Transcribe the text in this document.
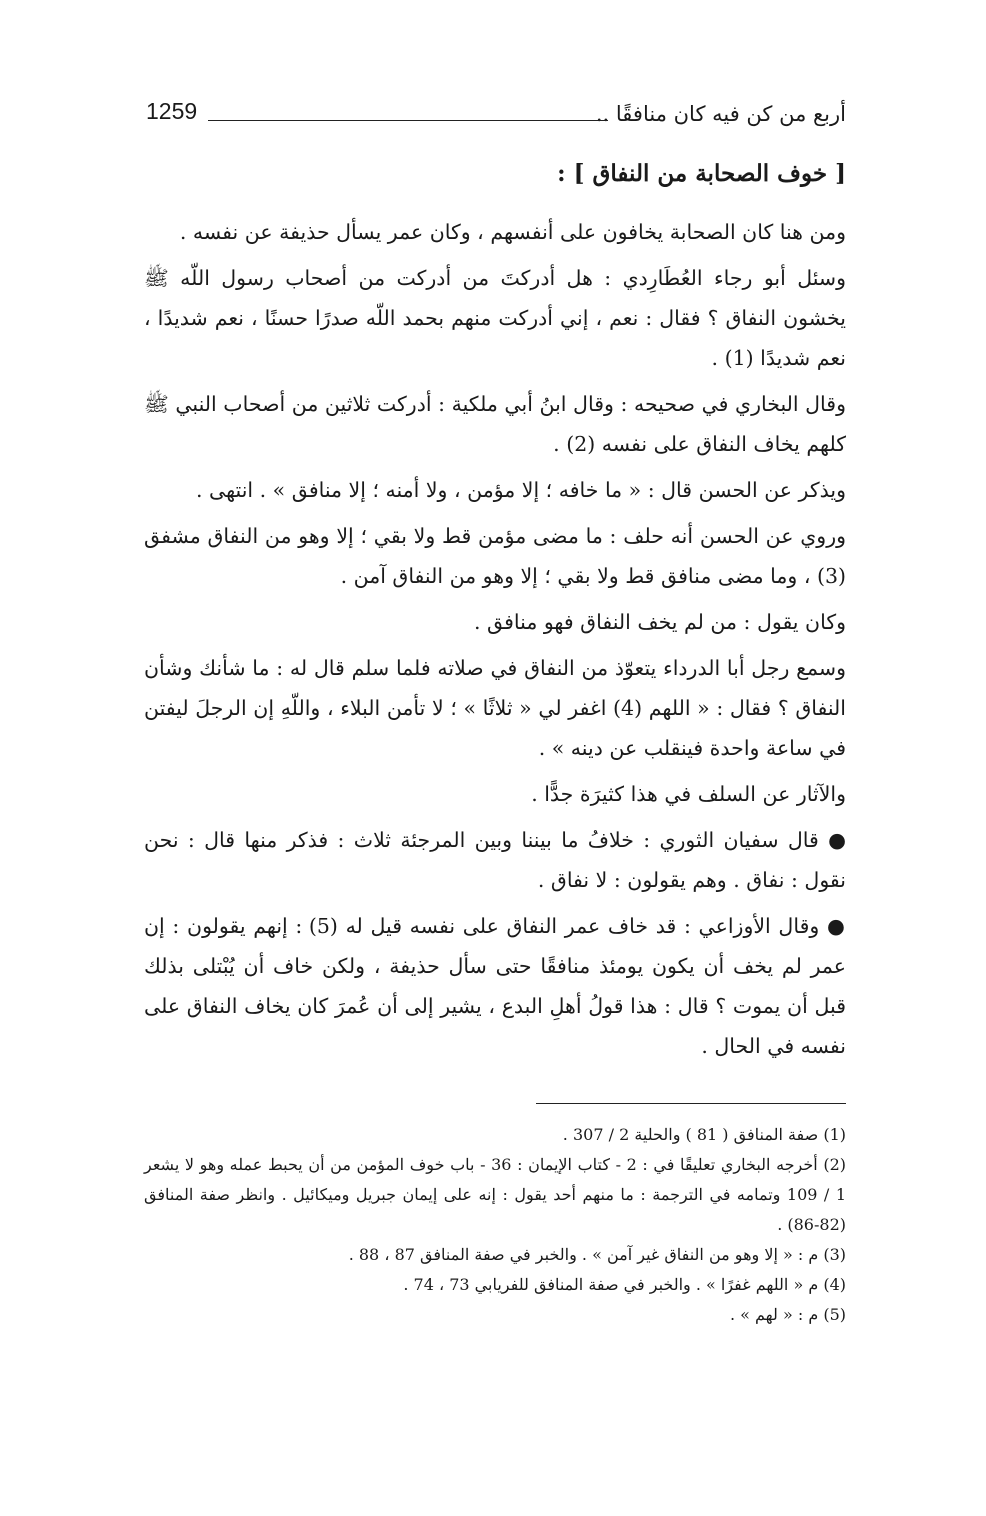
أربع من كن فيه كان منافقًا ..
1259
[ خوف الصحابة من النفاق ] :

ومن هنا كان الصحابة يخافون على أنفسهم ، وكان عمر يسأل حذيفة عن نفسه .

وسئل أبو رجاء العُطَارِدي : هل أدركتَ من أدركت من أصحاب رسول اللّه ﷺ يخشون النفاق ؟ فقال : نعم ، إني أدركت منهم بحمد اللّه صدرًا حسنًا ، نعم شديدًا ، نعم شديدًا (1) .

وقال البخاري في صحيحه : وقال ابنُ أبي ملكية : أدركت ثلاثين من أصحاب النبي ﷺ كلهم يخاف النفاق على نفسه (2) .

ويذكر عن الحسن قال : « ما خافه ؛ إلا مؤمن ، ولا أمنه ؛ إلا منافق » . انتهى .

وروي عن الحسن أنه حلف : ما مضى مؤمن قط ولا بقي ؛ إلا وهو من النفاق مشفق (3) ، وما مضى منافق قط ولا بقي ؛ إلا وهو من النفاق آمن .

وكان يقول : من لم يخف النفاق فهو منافق .

وسمع رجل أبا الدرداء يتعوّذ من النفاق في صلاته فلما سلم قال له : ما شأنك وشأن النفاق ؟ فقال : « اللهم (4) اغفر لي « ثلاثًا » ؛ لا تأمن البلاء ، واللّهِ إن الرجلَ ليفتن في ساعة واحدة فينقلب عن دينه » .

والآثار عن السلف في هذا كثيرَة جدًّا .

● قال سفيان الثوري : خلافُ ما بيننا وبين المرجئة ثلاث : فذكر منها قال : نحن نقول : نفاق . وهم يقولون : لا نفاق .

● وقال الأوزاعي : قد خاف عمر النفاق على نفسه قيل له (5) : إنهم يقولون : إن عمر لم يخف أن يكون يومئذ منافقًا حتى سأل حذيفة ، ولكن خاف أن يُبْتلى بذلك قبل أن يموت ؟ قال : هذا قولُ أهلِ البدع ، يشير إلى أن عُمرَ كان يخاف النفاق على نفسه في الحال .

(1) صفة المنافق ( 81 ) والحلية 2 / 307 .

(2) أخرجه البخاري تعليقًا في : 2 - كتاب الإيمان : 36 - باب خوف المؤمن من أن يحبط عمله وهو لا يشعر 1 / 109 وتمامه في الترجمة : ما منهم أحد يقول : إنه على إيمان جبريل وميكائيل . وانظر صفة المنافق (82-86) .

(3) م : « إلا وهو من النفاق غير آمن » . والخبر في صفة المنافق 87 ، 88 .

(4) م « اللهم غفرًا » . والخبر في صفة المنافق للفريابي 73 ، 74 .

(5) م : « لهم » .
